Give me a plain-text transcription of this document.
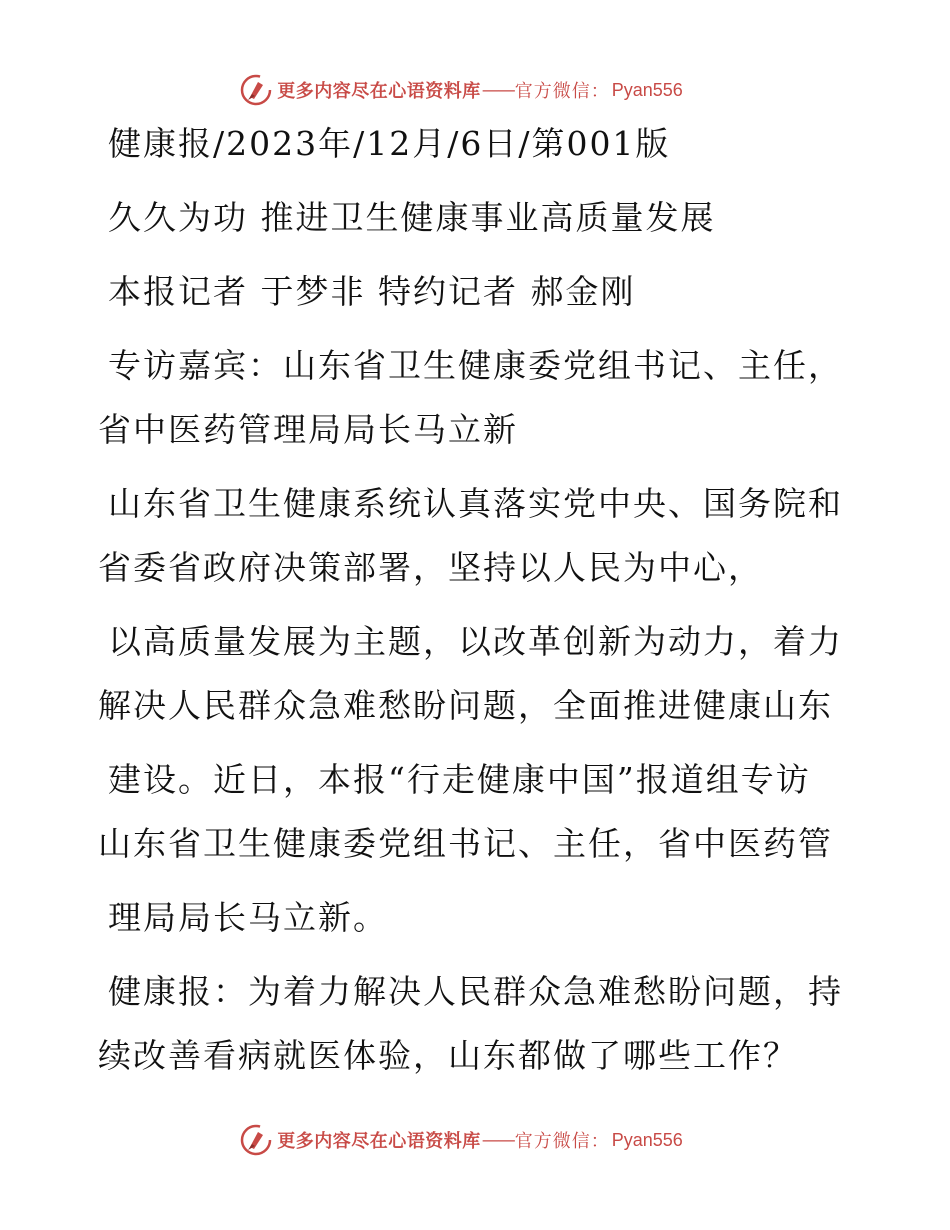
更多内容尽在心语资料库 —— 官方微信： Pyan556
健康报/2023年/12月/6日/第001版
久久为功 推进卫生健康事业高质量发展
本报记者 于梦非 特约记者 郝金刚
专访嘉宾：山东省卫生健康委党组书记、主任，
省中医药管理局局长马立新
山东省卫生健康系统认真落实党中央、国务院和
省委省政府决策部署，坚持以人民为中心，
以高质量发展为主题，以改革创新为动力，着力
解决人民群众急难愁盼问题，全面推进健康山东
建设。近日，本报“行走健康中国”报道组专访
山东省卫生健康委党组书记、主任，省中医药管
理局局长马立新。
健康报：为着力解决人民群众急难愁盼问题，持
续改善看病就医体验，山东都做了哪些工作？
更多内容尽在心语资料库 —— 官方微信： Pyan556
